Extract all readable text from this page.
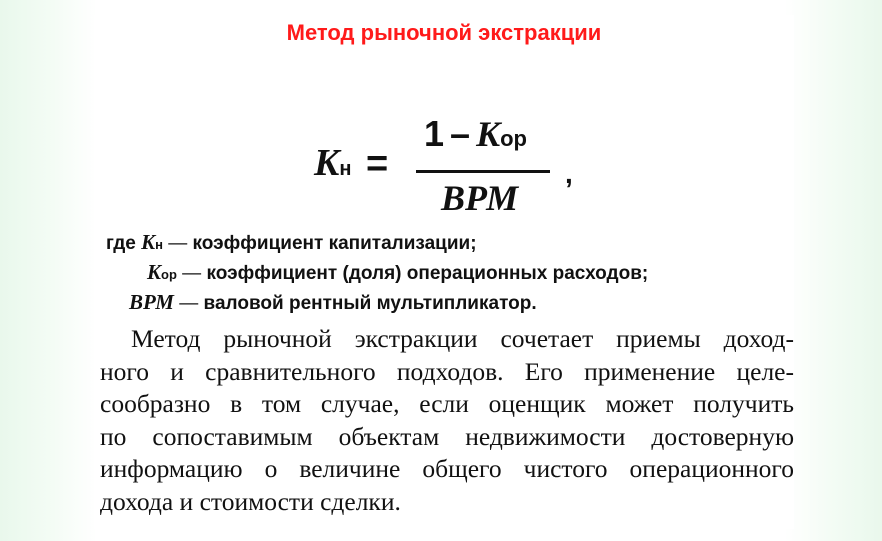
Метод рыночной экстракции
Kн =
1 – Kор
ВРМ
,
где Kн — коэффициент капитализации;
Kор — коэффициент (доля) операционных расходов;
ВРМ — валовой рентный мультипликатор.
Метод рыночной экстракции сочетает приемы доход-
ного и сравнительного подходов. Его применение целе-
сообразно в том случае, если оценщик может получить
по сопоставимым объектам недвижимости достоверную
информацию о величине общего чистого операционного
дохода и стоимости сделки.
